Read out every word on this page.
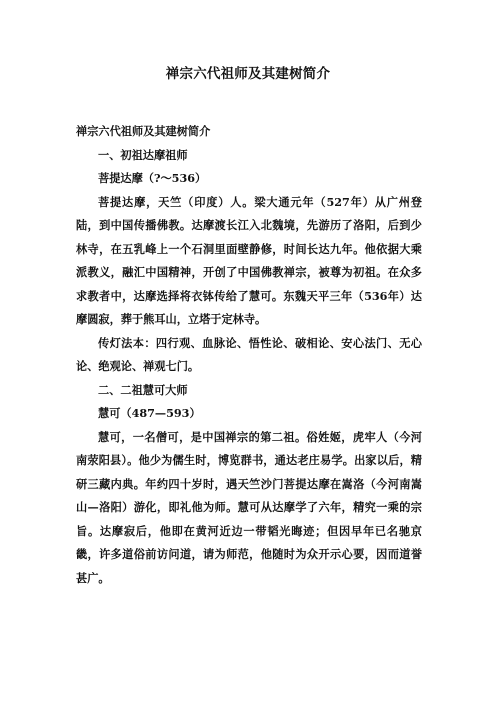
禅宗六代祖师及其建树简介

禅宗六代祖师及其建树简介

一、初祖达摩祖师

菩提达摩（?～536）

菩提达摩，天竺（印度）人。梁大通元年（527年）从广州登陆，到中国传播佛教。达摩渡长江入北魏境，先游历了洛阳，后到少林寺，在五乳峰上一个石洞里面壁静修，时间长达九年。他依据大乘派教义，融汇中国精神，开创了中国佛教禅宗，被尊为初祖。在众多求教者中，达摩选择将衣钵传给了慧可。东魏天平三年（536年）达摩圆寂，葬于熊耳山，立塔于定林寺。

传灯法本：四行观、血脉论、悟性论、破相论、安心法门、无心论、绝观论、禅观七门。

二、二祖慧可大师

慧可（487—593）

慧可，一名僧可，是中国禅宗的第二祖。俗姓姬，虎牢人（今河南荥阳县）。他少为儒生时，博览群书，通达老庄易学。出家以后，精研三藏内典。年约四十岁时，遇天竺沙门菩提达摩在嵩洛（今河南嵩山—洛阳）游化，即礼他为师。慧可从达摩学了六年，精究一乘的宗旨。达摩寂后，他即在黄河近边一带韬光晦迹；但因早年已名驰京畿，许多道俗前访问道，请为师范，他随时为众开示心要，因而道誉甚广。
